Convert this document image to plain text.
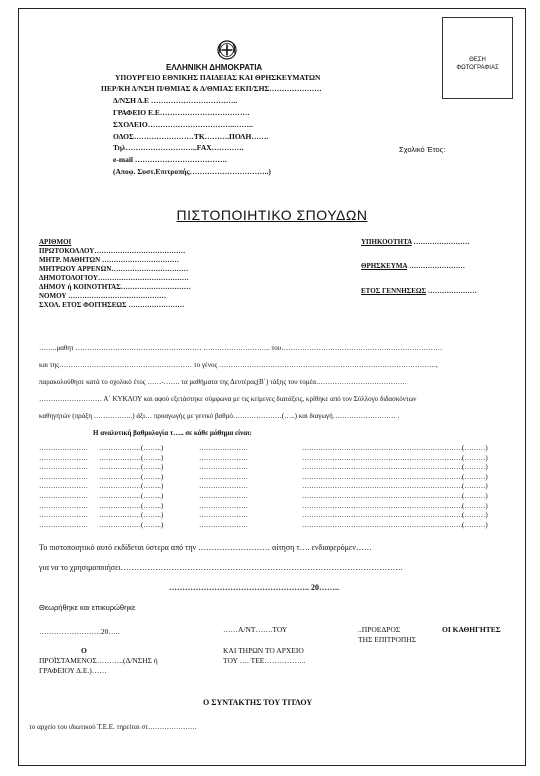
ΘΕΣΗ
ΦΩΤΟΓΡΑΦΙΑΣ
ΕΛΛΗΝΙΚΗ ΔΗΜΟΚΡΑΤΙΑ
ΥΠΟΥΡΓΕΙΟ ΕΘΝΙΚΗΣ ΠΑΙΔΕΙΑΣ ΚΑΙ ΘΡΗΣΚΕΥΜΑΤΩΝ
ΠΕΡ/ΚΗ Δ/ΝΣΗ Π/ΘΜΙΑΣ & Δ/ΘΜΙΑΣ ΕΚΠ/ΣΗΣ…………………
Δ/ΝΣΗ Δ.Ε ……………………………..
ΓΡΑΦΕΙΟ Ε.Ε………………………………
ΣΧΟΛΕΙΟ……………………………..……..
ΟΔΟΣ……………………ΤΚ……….ΠΟΛΗ…….
Τηλ………………………..FAX………….
e-mail ……………………………….
(Αποφ. Συστ.Επιτροπής…………………………..)
Σχολικό Έτος:
ΠΙΣΤΟΠΟΙΗΤΙΚΟ ΣΠΟΥΔΩΝ
ΑΡΙΘΜΟΙ
ΠΡΩΤΟΚΟΛΛΟΥ…………………………………
ΜΗΤΡ. ΜΑΘΗΤΩΝ ……………………………
ΜΗΤΡΩΟΥ ΑΡΡΕΝΩΝ……………………………
ΔΗΜΟΤΟΛΟΓΙΟΥ…………………………………
ΔΗΜΟΥ ή ΚΟΙΝΟΤΗΤΑΣ…………………………
ΝΟΜΟΥ ……………………………………
ΣΧΟΛ. ΕΤΟΣ ΦΟΙΤΗΣΕΩΣ ……………………
ΥΠΗΚΟΟΤΗΤΑ ……………………
ΘΡΗΣΚΕΥΜΑ ……………………
ΕΤΟΣ ΓΕΝΝΗΣΕΩΣ …………………
……..μαθητ ……………………………………………… ……………………….. του……………………………………………………………
και της………………………………………………… το γένος …………………………………………………………………………………,
παρακολούθησε κατά το σχολικό έτος ……-……. τα μαθήματα της Δευτέρας(Β΄) τάξης του τομέα…………………………………
……………………… Α΄ ΚΥΚΛΟΥ και αφού εξετάστηκε σύμφωνα με τις κείμενες διατάξεις, κρίθηκε από τον Σύλλογο διδασκόντων
καθηγητών (πράξη ……………..) άξι… προαγωγής με γενικό βαθμό…………………(…..) και διαγωγή……………………… .
Η αναλυτική βαθμολογία τ….. σε κάθε μάθημα είναι:
………………… ………………(……..)	…………………	…………………………………………………………… (………)
………………… ………………(……..)	…………………	…………………………………………………………… (………)
………………… ………………(……..)	…………………	…………………………………………………………… (………)
………………… ………………(……..)	…………………	…………………………………………………………… (………)
………………… ………………(……..)	…………………	…………………………………………………………… (………)
………………… ………………(……..)	…………………	…………………………………………………………… (………)
………………… ………………(……..)	…………………	…………………………………………………………… (………)
………………… ………………(……..)	…………………	…………………………………………………………… (………)
………………… ………………(……..)	…………………	…………………………………………………………… (………)
Το πιστοποιητικό αυτό εκδίδεται ύστερα από την ……………………… αίτηση τ…. ενδιαφερόμεν……
για να το χρησιμοποιήσει…………………………………………………………………………………………….
…………………………………………….. 20……..
Θεωρήθηκε και επικυρώθηκε
…………………….20…..	……Α/ΝΤ…….ΤΟΥ	..ΠΡΟΕΔΡΟΣ
ΤΗΣ ΕΠΙΤΡΟΠΗΣ
ΟΙ ΚΑΘΗΓΗΤΕΣ
Ο
ΠΡΟΪΣΤΑΜΕΝΟΣ………..(Δ/ΝΣΗΣ ή
ΓΡΑΦΕΙΟΥ Δ.Ε.)……
ΚΑΙ ΤΗΡΩΝ ΤΟ ΑΡΧΕΙΟ
ΤΟΥ …. ΤΕΕ……………..
Ο ΣΥΝΤΑΚΤΗΣ ΤΟΥ ΤΙΤΛΟΥ
το αρχείο του ιδιωτικού Τ.Ε.Ε. τηρείται στ…………………
